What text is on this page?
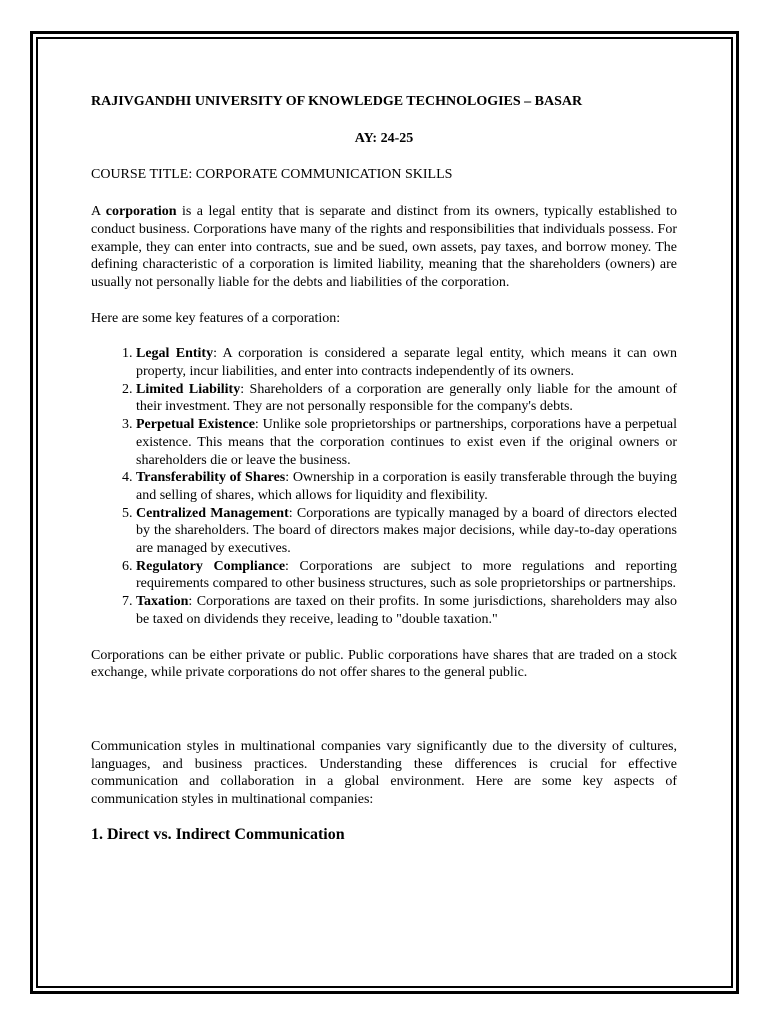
RAJIVGANDHI UNIVERSITY OF KNOWLEDGE TECHNOLOGIES – BASAR

AY: 24-25

COURSE TITLE: CORPORATE COMMUNICATION SKILLS

A corporation is a legal entity that is separate and distinct from its owners, typically established to conduct business. Corporations have many of the rights and responsibilities that individuals possess. For example, they can enter into contracts, sue and be sued, own assets, pay taxes, and borrow money. The defining characteristic of a corporation is limited liability, meaning that the shareholders (owners) are usually not personally liable for the debts and liabilities of the corporation.

Here are some key features of a corporation:

1. Legal Entity: A corporation is considered a separate legal entity, which means it can own property, incur liabilities, and enter into contracts independently of its owners.
2. Limited Liability: Shareholders of a corporation are generally only liable for the amount of their investment. They are not personally responsible for the company's debts.
3. Perpetual Existence: Unlike sole proprietorships or partnerships, corporations have a perpetual existence. This means that the corporation continues to exist even if the original owners or shareholders die or leave the business.
4. Transferability of Shares: Ownership in a corporation is easily transferable through the buying and selling of shares, which allows for liquidity and flexibility.
5. Centralized Management: Corporations are typically managed by a board of directors elected by the shareholders. The board of directors makes major decisions, while day-to-day operations are managed by executives.
6. Regulatory Compliance: Corporations are subject to more regulations and reporting requirements compared to other business structures, such as sole proprietorships or partnerships.
7. Taxation: Corporations are taxed on their profits. In some jurisdictions, shareholders may also be taxed on dividends they receive, leading to "double taxation."

Corporations can be either private or public. Public corporations have shares that are traded on a stock exchange, while private corporations do not offer shares to the general public.

Communication styles in multinational companies vary significantly due to the diversity of cultures, languages, and business practices. Understanding these differences is crucial for effective communication and collaboration in a global environment. Here are some key aspects of communication styles in multinational companies:

1. Direct vs. Indirect Communication
